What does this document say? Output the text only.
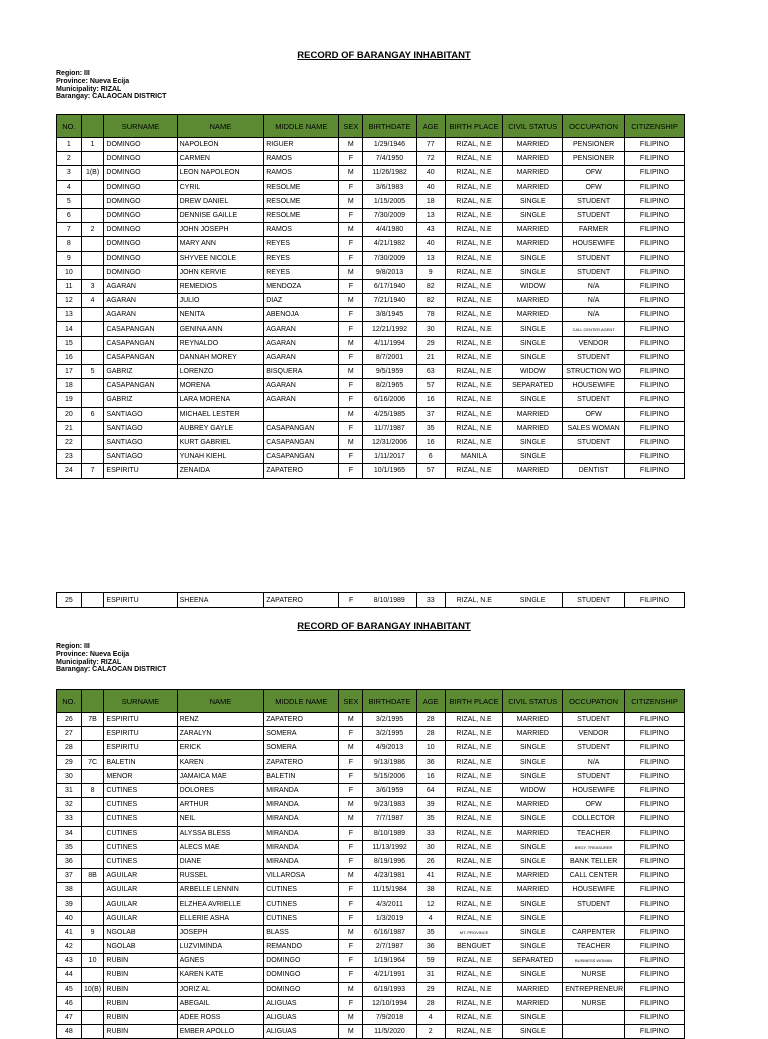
RECORD OF BARANGAY INHABITANT
Region: III
Province: Nueva Ecija
Municipality: RIZAL
Barangay: CALAOCAN DISTRICT
NO.		SURNAME	NAME	MIDDLE NAME	SEX	BIRTHDATE	AGE	BIRTH PLACE	CIVIL STATUS	OCCUPATION	CITIZENSHIP
1	1	DOMINGO	NAPOLEON	RIGUER	M	1/29/1946	77	RIZAL, N.E	MARRIED	PENSIONER	FILIPINO
2		DOMINGO	CARMEN	RAMOS	F	7/4/1950	72	RIZAL, N.E	MARRIED	PENSIONER	FILIPINO
3	1(B)	DOMINGO	LEON NAPOLEON	RAMOS	M	11/26/1982	40	RIZAL, N.E	MARRIED	OFW	FILIPINO
4		DOMINGO	CYRIL	RESOLME	F	3/6/1983	40	RIZAL, N.E	MARRIED	OFW	FILIPINO
5		DOMINGO	DREW DANIEL	RESOLME	M	1/15/2005	18	RIZAL, N.E	SINGLE	STUDENT	FILIPINO
6		DOMINGO	DENNISE GAILLE	RESOLME	F	7/30/2009	13	RIZAL, N.E	SINGLE	STUDENT	FILIPINO
7	2	DOMINGO	JOHN JOSEPH	RAMOS	M	4/4/1980	43	RIZAL, N.E	MARRIED	FARMER	FILIPINO
8		DOMINGO	MARY ANN	REYES	F	4/21/1982	40	RIZAL, N.E	MARRIED	HOUSEWIFE	FILIPINO
9		DOMINGO	SHYVEE NICOLE	REYES	F	7/30/2009	13	RIZAL, N.E	SINGLE	STUDENT	FILIPINO
10		DOMINGO	JOHN KERVIE	REYES	M	9/8/2013	9	RIZAL, N.E	SINGLE	STUDENT	FILIPINO
11	3	AGARAN	REMEDIOS	MENDOZA	F	6/17/1940	82	RIZAL, N.E	WIDOW	N/A	FILIPINO
12	4	AGARAN	JULIO	DIAZ	M	7/21/1940	82	RIZAL, N.E	MARRIED	N/A	FILIPINO
13		AGARAN	NENITA	ABENOJA	F	3/8/1945	78	RIZAL, N.E	MARRIED	N/A	FILIPINO
14		CASAPANGAN	GENINA ANN	AGARAN	F	12/21/1992	30	RIZAL, N.E	SINGLE	CALL CENTER AGENT	FILIPINO
15		CASAPANGAN	REYNALDO	AGARAN	M	4/11/1994	29	RIZAL, N.E	SINGLE	VENDOR	FILIPINO
16		CASAPANGAN	DANNAH MOREY	AGARAN	F	8/7/2001	21	RIZAL, N.E	SINGLE	STUDENT	FILIPINO
17	5	GABRIZ	LORENZO	BISQUERA	M	9/5/1959	63	RIZAL, N.E	WIDOW	STRUCTION WO	FILIPINO
18		CASAPANGAN	MORENA	AGARAN	F	8/2/1965	57	RIZAL, N.E	SEPARATED	HOUSEWIFE	FILIPINO
19		GABRIZ	LARA MORENA	AGARAN	F	6/16/2006	16	RIZAL, N.E	SINGLE	STUDENT	FILIPINO
20	6	SANTIAGO	MICHAEL LESTER		M	4/25/1985	37	RIZAL, N.E	MARRIED	OFW	FILIPINO
21		SANTIAGO	AUBREY GAYLE	CASAPANGAN	F	11/7/1987	35	RIZAL, N.E	MARRIED	SALES WOMAN	FILIPINO
22		SANTIAGO	KURT GABRIEL	CASAPANGAN	M	12/31/2006	16	RIZAL, N.E	SINGLE	STUDENT	FILIPINO
23		SANTIAGO	YUNAH KIEHL	CASAPANGAN	F	1/11/2017	6	MANILA	SINGLE		FILIPINO
24	7	ESPIRITU	ZENAIDA	ZAPATERO	F	10/1/1965	57	RIZAL, N.E	MARRIED	DENTIST	FILIPINO
25		ESPIRITU	SHEENA	ZAPATERO	F	8/10/1989	33	RIZAL, N.E	SINGLE	STUDENT	FILIPINO
RECORD OF BARANGAY INHABITANT
Region: III
Province: Nueva Ecija
Municipality: RIZAL
Barangay: CALAOCAN DISTRICT
NO.		SURNAME	NAME	MIDDLE NAME	SEX	BIRTHDATE	AGE	BIRTH PLACE	CIVIL STATUS	OCCUPATION	CITIZENSHIP
26	7B	ESPIRITU	RENZ	ZAPATERO	M	3/2/1995	28	RIZAL, N.E	MARRIED	STUDENT	FILIPINO
27		ESPIRITU	ZARALYN	SOMERA	F	3/2/1995	28	RIZAL, N.E	MARRIED	VENDOR	FILIPINO
28		ESPIRITU	ERICK	SOMERA	M	4/9/2013	10	RIZAL, N.E	SINGLE	STUDENT	FILIPINO
29	7C	BALETIN	KAREN	ZAPATERO	F	9/13/1986	36	RIZAL, N.E	SINGLE	N/A	FILIPINO
30		MENOR	JAMAICA MAE	BALETIN	F	5/15/2006	16	RIZAL, N.E	SINGLE	STUDENT	FILIPINO
31	8	CUTINES	DOLORES	MIRANDA	F	3/6/1959	64	RIZAL, N.E	WIDOW	HOUSEWIFE	FILIPINO
32		CUTINES	ARTHUR	MIRANDA	M	9/23/1983	39	RIZAL, N.E	MARRIED	OFW	FILIPINO
33		CUTINES	NEIL	MIRANDA	M	7/7/1987	35	RIZAL, N.E	SINGLE	COLLECTOR	FILIPINO
34		CUTINES	ALYSSA BLESS	MIRANDA	F	8/10/1989	33	RIZAL, N.E	MARRIED	TEACHER	FILIPINO
35		CUTINES	ALECS MAE	MIRANDA	F	11/13/1992	30	RIZAL, N.E	SINGLE	BRGY. TREASURER	FILIPINO
36		CUTINES	DIANE	MIRANDA	F	8/19/1996	26	RIZAL, N.E	SINGLE	BANK TELLER	FILIPINO
37	8B	AGUILAR	RUSSEL	VILLAROSA	M	4/23/1981	41	RIZAL, N.E	MARRIED	CALL CENTER	FILIPINO
38		AGUILAR	ARBELLE LENNIN	CUTINES	F	11/15/1984	38	RIZAL, N.E	MARRIED	HOUSEWIFE	FILIPINO
39		AGUILAR	ELZHEA AVRIELLE	CUTINES	F	4/3/2011	12	RIZAL, N.E	SINGLE	STUDENT	FILIPINO
40		AGUILAR	ELLERIE ASHA	CUTINES	F	1/3/2019	4	RIZAL, N.E	SINGLE		FILIPINO
41	9	NGOLAB	JOSEPH	BLASS	M	6/16/1987	35	MT. PROVINCE	SINGLE	CARPENTER	FILIPINO
42		NGOLAB	LUZVIMINDA	REMANDO	F	2/7/1987	36	BENGUET	SINGLE	TEACHER	FILIPINO
43	10	RUBIN	AGNES	DOMINGO	F	1/19/1964	59	RIZAL, N.E	SEPARATED	BUSINESS WOMAN	FILIPINO
44		RUBIN	KAREN KATE	DOMINGO	F	4/21/1991	31	RIZAL, N.E	SINGLE	NURSE	FILIPINO
45	10(B)	RUBIN	JORIZ AL	DOMINGO	M	6/19/1993	29	RIZAL, N.E	MARRIED	ENTREPRENEUR	FILIPINO
46		RUBIN	ABEGAIL	ALIGUAS	F	12/10/1994	28	RIZAL, N.E	MARRIED	NURSE	FILIPINO
47		RUBIN	ADEE ROSS	ALIGUAS	M	7/9/2018	4	RIZAL, N.E	SINGLE		FILIPINO
48		RUBIN	EMBER APOLLO	ALIGUAS	M	11/5/2020	2	RIZAL, N.E	SINGLE		FILIPINO
